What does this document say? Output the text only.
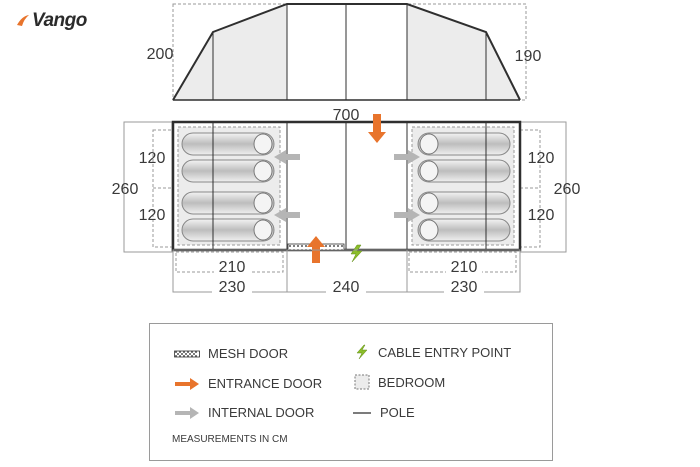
Vango
200	190
700
120
120
260
120
120
260
210	210
230	240	230
MESH DOOR
ENTRANCE DOOR
INTERNAL DOOR
CABLE ENTRY POINT
BEDROOM
POLE
MEASUREMENTS IN CM
